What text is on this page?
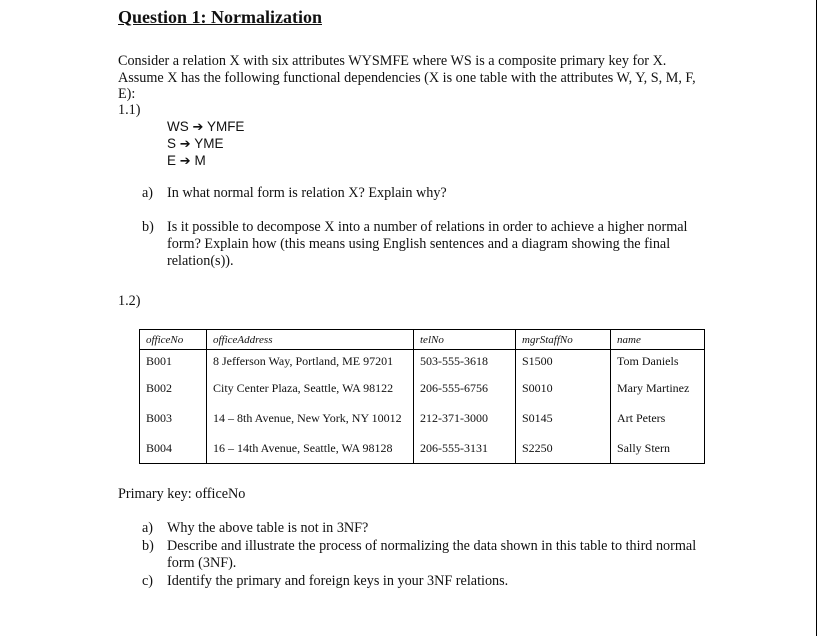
Question 1: Normalization
Consider a relation X with six attributes WYSMFE where WS is a composite primary key for X. Assume X has the following functional dependencies (X is one table with the attributes W, Y, S, M, F, E):
1.1)
WS ➔ YMFE
S ➔ YME
E ➔ M
a) In what normal form is relation X? Explain why?
b) Is it possible to decompose X into a number of relations in order to achieve a higher normal form? Explain how (this means using English sentences and a diagram showing the final relation(s)).
1.2)
officeNo	officeAddress	telNo	mgrStaffNo	name
B001	8 Jefferson Way, Portland, ME 97201	503-555-3618	S1500	Tom Daniels
B002	City Center Plaza, Seattle, WA 98122	206-555-6756	S0010	Mary Martinez
B003	14 – 8th Avenue, New York, NY 10012	212-371-3000	S0145	Art Peters
B004	16 – 14th Avenue, Seattle, WA 98128	206-555-3131	S2250	Sally Stern
Primary key: officeNo
a) Why the above table is not in 3NF?
b) Describe and illustrate the process of normalizing the data shown in this table to third normal form (3NF).
c) Identify the primary and foreign keys in your 3NF relations.
